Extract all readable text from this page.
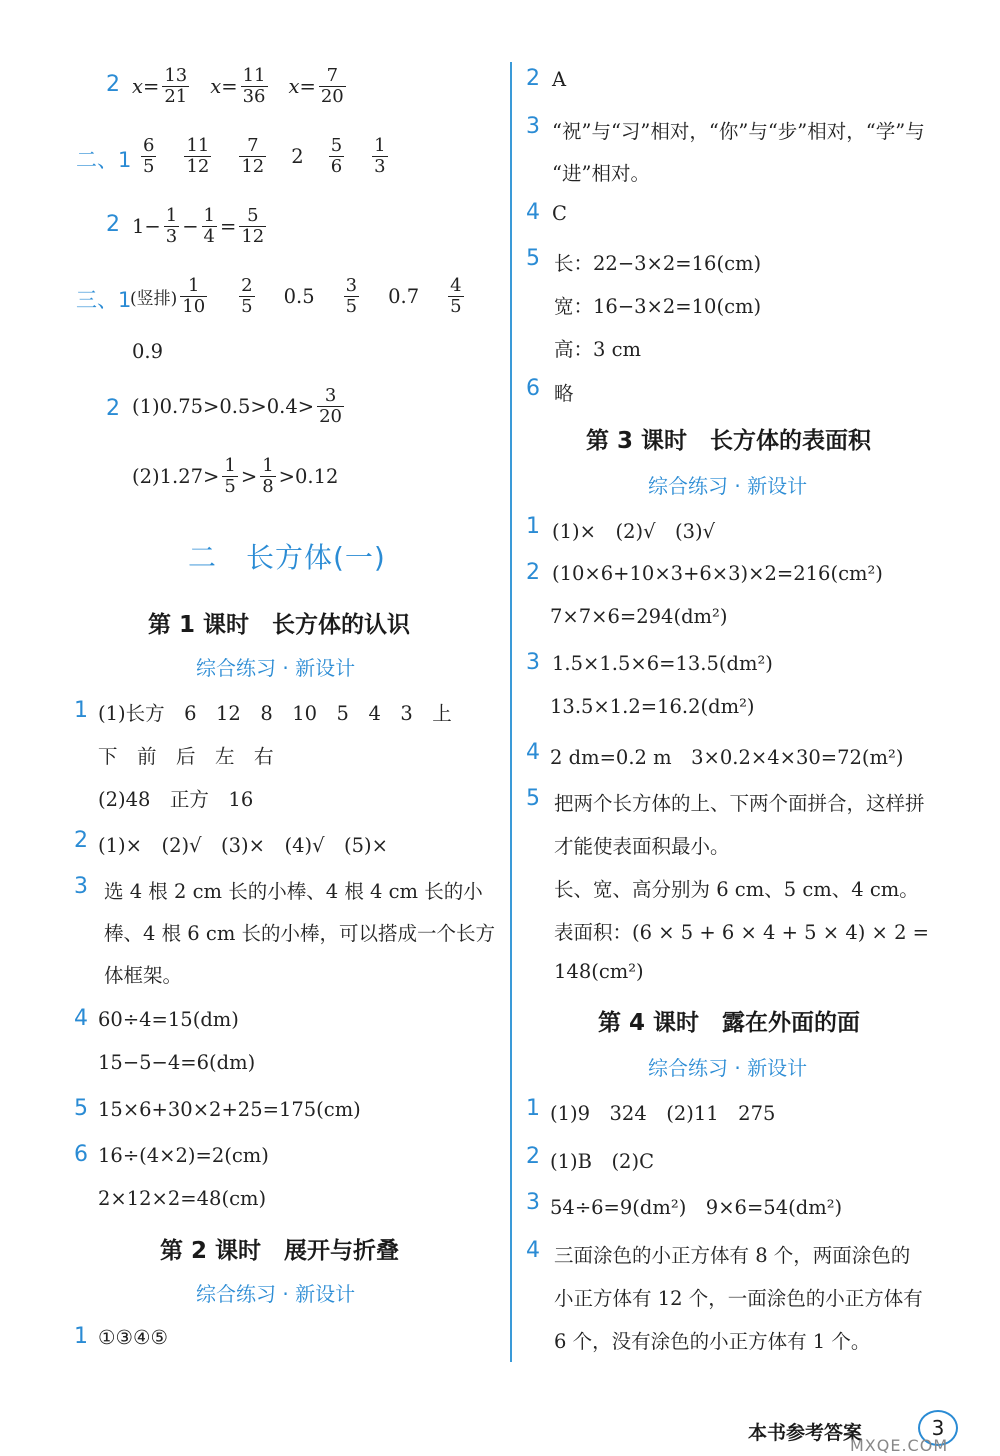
2 $x = \frac{13}{21}$ $x = \frac{11}{36}$ $x = \frac{7}{20}$
二、$1 \frac{6}{5} \frac{11}{12} \frac{7}{12} 2 \frac{5}{6} \frac{1}{3}$
2 $1- \frac{1}{3} - \frac{1}{4} = \frac{5}{12}$
三、1
(竖排) $\frac{1}{10} \frac{2}{5} 0.5 \frac{3}{5} 0.7 \frac{4}{5}$
0.9
2 $(1)0.75>0.5>0.4> \frac{3}{20}$
$(2)1.27> \frac{1}{5} > \frac{1}{8} >0.12$
二　长方体(一)
第 1 课时　长方体的认识
综合练习 · 新设计
1 (1)长方　6　12　8　10　5　4　3　上
下　前　后　左　右
(2)48　正方　16
2 (1)×　(2)√　(3)×　(4)√　(5)×
3 选 4 根 2 cm 长的小棒、4 根 4 cm 长的小
棒、4 根 6 cm 长的小棒，可以搭成一个长方
体框架。
4 60÷4=15(dm)
15−5−4=6(dm)
5 15×6+30×2+25=175(cm)
6 16÷(4×2)=2(cm)
2×12×2=48(cm)
第 2 课时　展开与折叠
综合练习 · 新设计
1 ①③④⑤
2 A
3 “祝”与“习”相对，“你”与“步”相对，“学”与
“进”相对。
4 C
5 长：22−3×2=16(cm)
宽：16−3×2=10(cm)
高：3 cm
6 略
第 3 课时　长方体的表面积
综合练习 · 新设计
1 (1)×　(2)√　(3)√
2 (10×6+10×3+6×3)×2=216(cm²)
7×7×6=294(dm²)
3 1.5×1.5×6=13.5(dm²)
13.5×1.2=16.2(dm²)
4 2 dm=0.2 m　3×0.2×4×30=72(m²)
5 把两个长方体的上、下两个面拼合，这样拼
才能使表面积最小。
长、宽、高分别为 6 cm、5 cm、4 cm。
表面积：(6 × 5 + 6 × 4 + 5 × 4) × 2 =
148(cm²)
第 4 课时　露在外面的面
综合练习 · 新设计
1 (1)9　324　(2)11　275
2 (1)B　(2)C
3 54÷6=9(dm²)　9×6=54(dm²)
4 三面涂色的小正方体有 8 个，两面涂色的
小正方体有 12 个，一面涂色的小正方体有
6 个，没有涂色的小正方体有 1 个。
本书参考答案	3
MXQE.COM
